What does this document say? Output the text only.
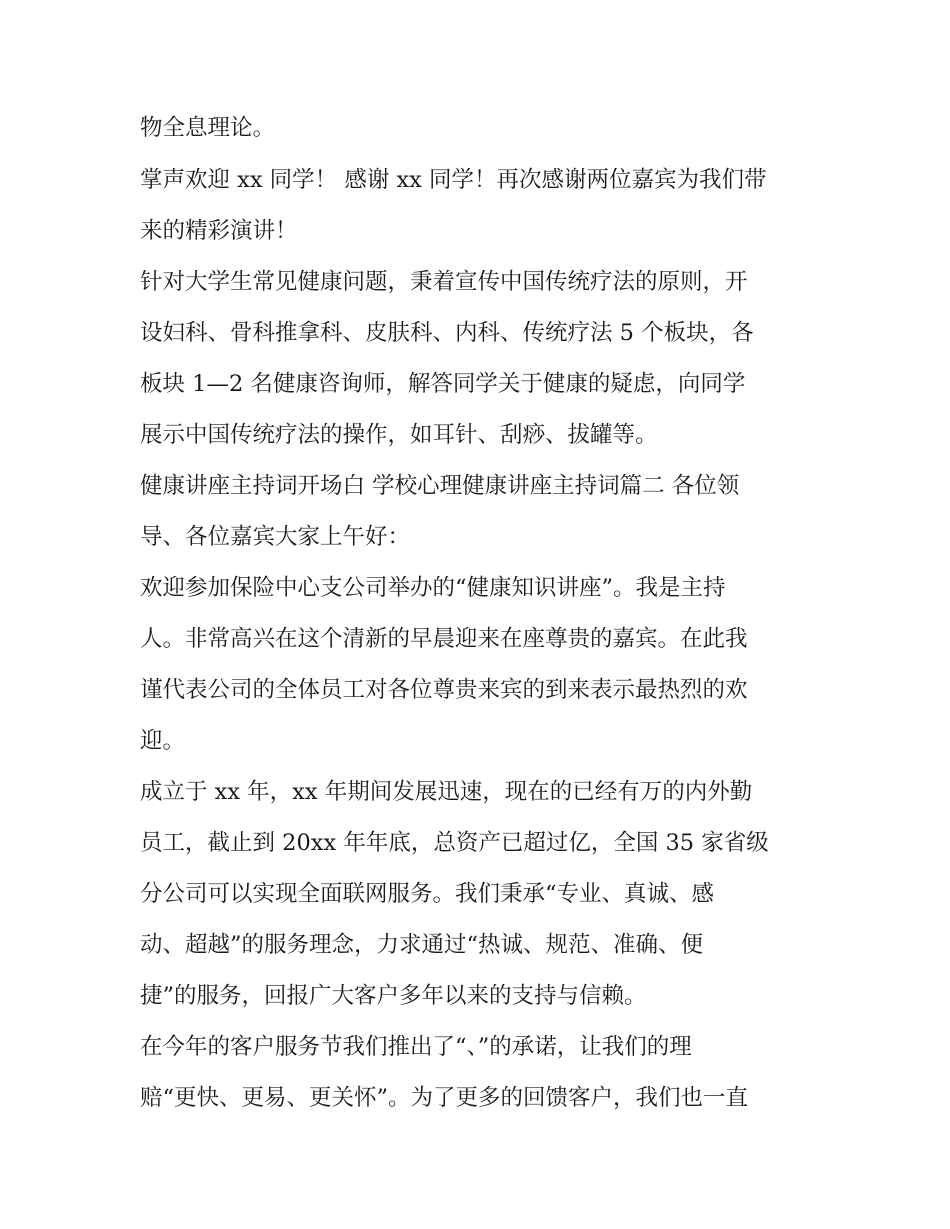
物全息理论。
掌声欢迎 xx 同学！ 感谢 xx 同学！再次感谢两位嘉宾为我们带
来的精彩演讲！
针对大学生常见健康问题，秉着宣传中国传统疗法的原则，开
设妇科、骨科推拿科、皮肤科、内科、传统疗法 5 个板块，各
板块 1—2 名健康咨询师，解答同学关于健康的疑虑，向同学
展示中国传统疗法的操作，如耳针、刮痧、拔罐等。
健康讲座主持词开场白 学校心理健康讲座主持词篇二 各位领
导、各位嘉宾大家上午好：
欢迎参加保险中心支公司举办的“健康知识讲座”。我是主持
人。非常高兴在这个清新的早晨迎来在座尊贵的嘉宾。在此我
谨代表公司的全体员工对各位尊贵来宾的到来表示最热烈的欢
迎。
成立于 xx 年，xx 年期间发展迅速，现在的已经有万的内外勤
员工，截止到 20xx 年年底，总资产已超过亿，全国 35 家省级
分公司可以实现全面联网服务。我们秉承“专业、真诚、感
动、超越”的服务理念，力求通过“热诚、规范、准确、便
捷”的服务，回报广大客户多年以来的支持与信赖。
在今年的客户服务节我们推出了“、”的承诺，让我们的理
赔“更快、更易、更关怀”。为了更多的回馈客户，我们也一直
